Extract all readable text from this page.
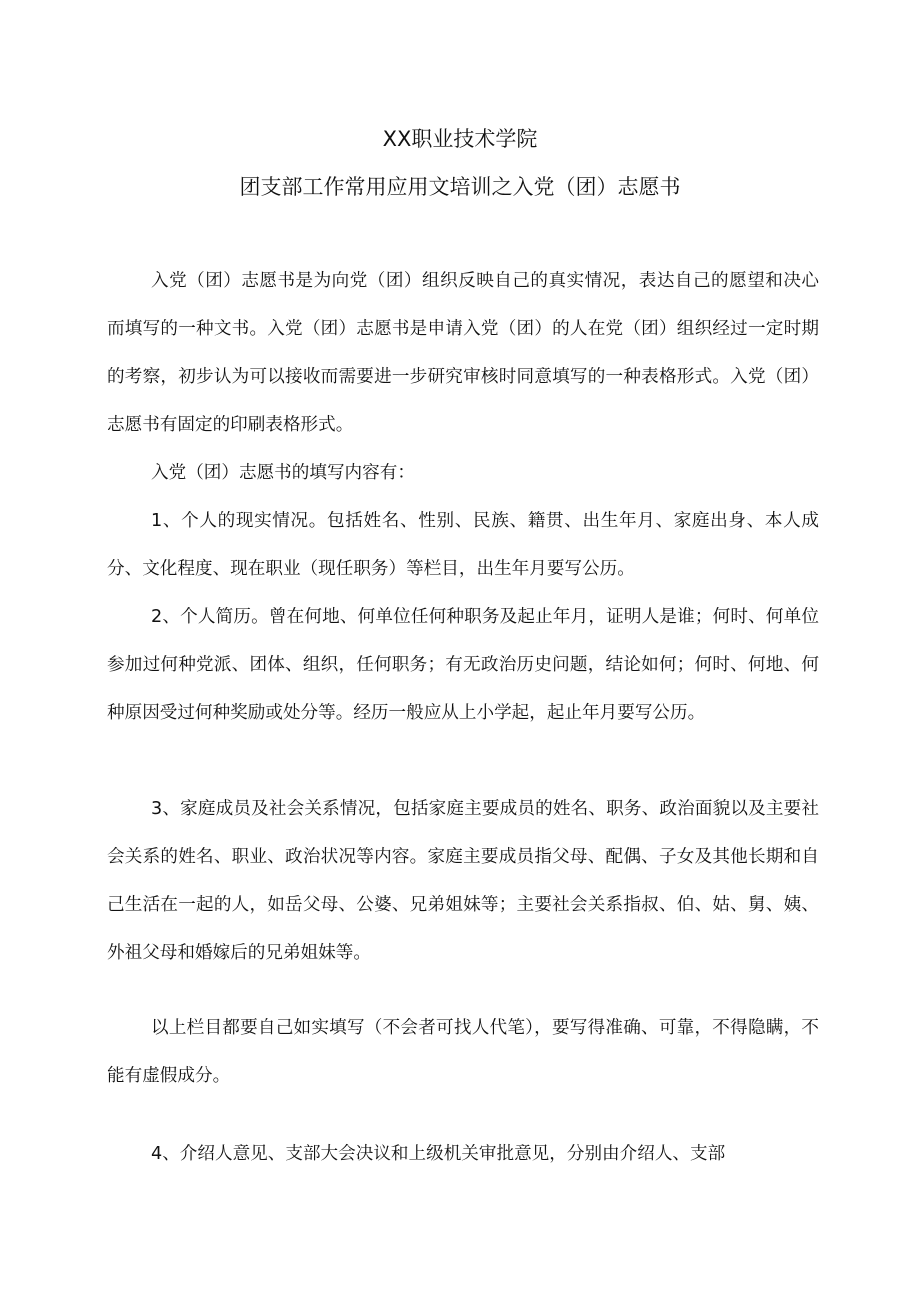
XX职业技术学院
团支部工作常用应用文培训之入党（团）志愿书

入党（团）志愿书是为向党（团）组织反映自己的真实情况，表达自己的愿望和决心而填写的一种文书。入党（团）志愿书是申请入党（团）的人在党（团）组织经过一定时期的考察，初步认为可以接收而需要进一步研究审核时同意填写的一种表格形式。入党（团）志愿书有固定的印刷表格形式。

入党（团）志愿书的填写内容有：

1、个人的现实情况。包括姓名、性别、民族、籍贯、出生年月、家庭出身、本人成分、文化程度、现在职业（现任职务）等栏目，出生年月要写公历。

2、个人简历。曾在何地、何单位任何种职务及起止年月，证明人是谁；何时、何单位参加过何种党派、团体、组织，任何职务；有无政治历史问题，结论如何；何时、何地、何种原因受过何种奖励或处分等。经历一般应从上小学起，起止年月要写公历。

3、家庭成员及社会关系情况，包括家庭主要成员的姓名、职务、政治面貌以及主要社会关系的姓名、职业、政治状况等内容。家庭主要成员指父母、配偶、子女及其他长期和自己生活在一起的人，如岳父母、公婆、兄弟姐妹等；主要社会关系指叔、伯、姑、舅、姨、外祖父母和婚嫁后的兄弟姐妹等。

以上栏目都要自己如实填写（不会者可找人代笔），要写得准确、可靠，不得隐瞒，不能有虚假成分。

4、介绍人意见、支部大会决议和上级机关审批意见，分别由介绍人、支部
